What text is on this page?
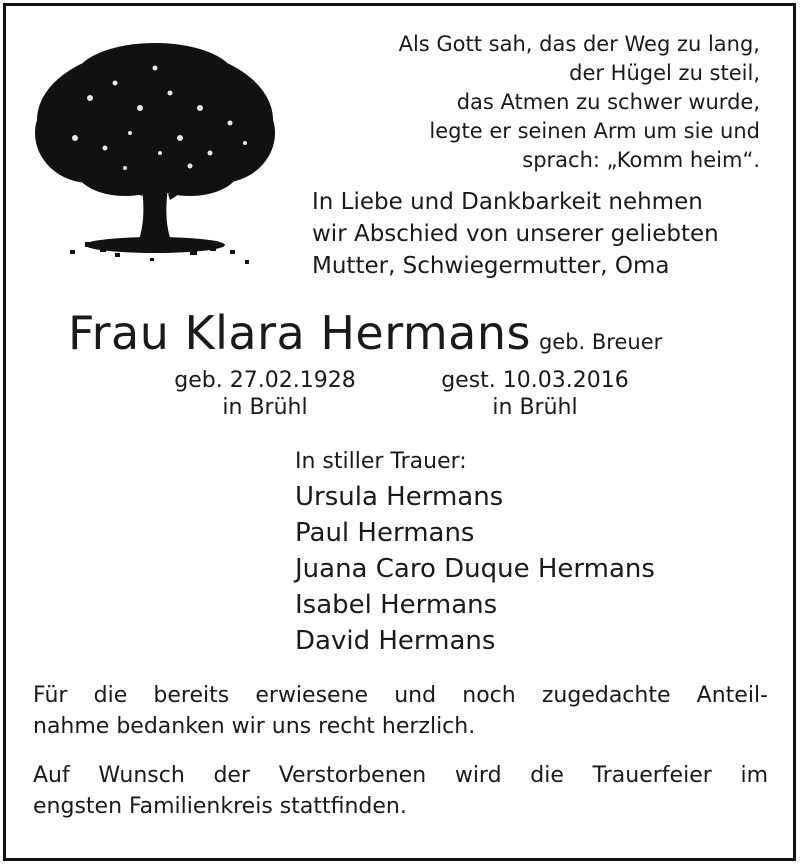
Als Gott sah, das der Weg zu lang,
der Hügel zu steil,
das Atmen zu schwer wurde,
legte er seinen Arm um sie und
sprach: „Komm heim“.
In Liebe und Dankbarkeit nehmen
wir Abschied von unserer geliebten
Mutter, Schwiegermutter, Oma
Frau Klara Hermans geb. Breuer
geb. 27.02.1928
in Brühl
gest. 10.03.2016
in Brühl
In stiller Trauer:
Ursula Hermans
Paul Hermans
Juana Caro Duque Hermans
Isabel Hermans
David Hermans
Für die bereits erwiesene und noch zugedachte Anteil-
nahme bedanken wir uns recht herzlich.
Auf Wunsch der Verstorbenen wird die Trauerfeier im
engsten Familienkreis stattfinden.
